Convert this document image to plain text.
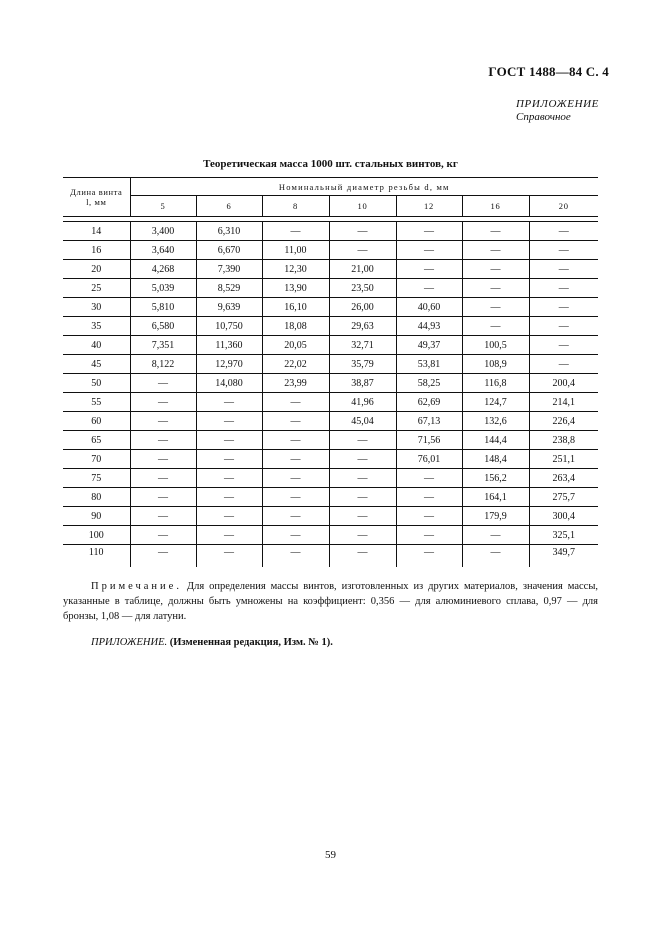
ГОСТ 1488—84 С. 4
ПРИЛОЖЕНИЕ
Справочное
Теоретическая масса 1000 шт. стальных винтов, кг
Длина винта
l, мм	Номинальный диаметр резьбы d, мм						
	5	6	8	10	12	16	20

14	3,400	6,310	—	—	—	—	—
16	3,640	6,670	11,00	—	—	—	—
20	4,268	7,390	12,30	21,00	—	—	—
25	5,039	8,529	13,90	23,50	—	—	—
30	5,810	9,639	16,10	26,00	40,60	—	—
35	6,580	10,750	18,08	29,63	44,93	—	—
40	7,351	11,360	20,05	32,71	49,37	100,5	—
45	8,122	12,970	22,02	35,79	53,81	108,9	—
50	—	14,080	23,99	38,87	58,25	116,8	200,4
55	—	—	—	41,96	62,69	124,7	214,1
60	—	—	—	45,04	67,13	132,6	226,4
65	—	—	—	—	71,56	144,4	238,8
70	—	—	—	—	76,01	148,4	251,1
75	—	—	—	—	—	156,2	263,4
80	—	—	—	—	—	164,1	275,7
90	—	—	—	—	—	179,9	300,4
100	—	—	—	—	—	—	325,1
110	—	—	—	—	—	—	349,7
Примечание. Для определения массы винтов, изготовленных из других материалов, значения массы, указанные в таблице, должны быть умножены на коэффициент: 0,356 — для алюминиевого сплава, 0,97 — для бронзы, 1,08 — для латуни.
ПРИЛОЖЕНИЕ. (Измененная редакция, Изм. № 1).
59
